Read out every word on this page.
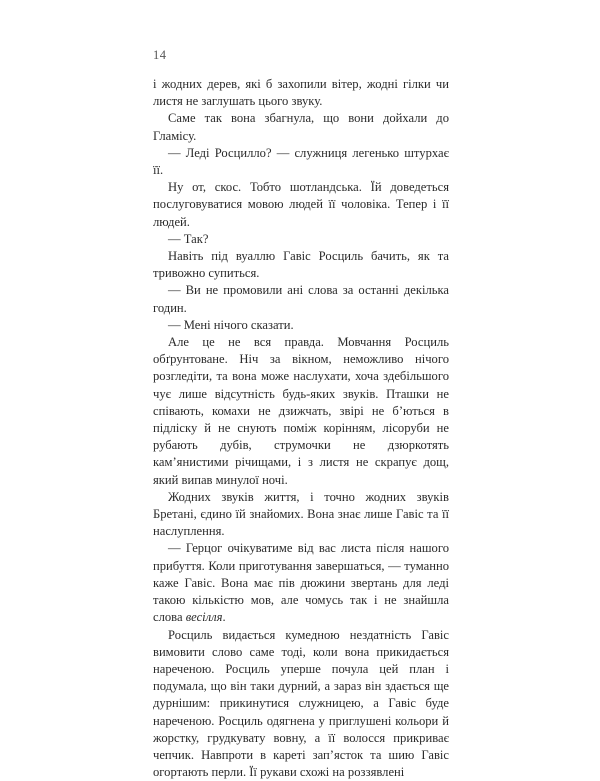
14

і жодних дерев, які б захопили вітер, жодні гілки чи листя не заглушать цього звуку.

Саме так вона збагнула, що вони дойхали до Гламісу.

— Леді Росцилло? — служниця легенько штурхає її.

Ну от, скос. Тобто шотландська. Їй доведеться послуговуватися мовою людей її чоловіка. Тепер і її людей.

— Так?

Навіть під вуаллю Гавіс Росциль бачить, як та тривожно супиться.

— Ви не промовили ані слова за останні декілька годин.

— Мені нічого сказати.

Але це не вся правда. Мовчання Росциль обґрунтоване. Ніч за вікном, неможливо нічого розгледіти, та вона може наслухати, хоча здебільшого чує лише відсутність будь-яких звуків. Пташки не співають, комахи не дзижчать, звірі не б’ються в підліску й не снують поміж корінням, лісоруби не рубають дубів, струмочки не дзюркотять кам’янистими річищами, і з листя не скрапує дощ, який випав минулої ночі.

Жодних звуків життя, і точно жодних звуків Бретані, єдино їй знайомих. Вона знає лише Гавіс та її наслуплення.

— Герцог очікуватиме від вас листа після нашого прибуття. Коли приготування завершаться, — туманно каже Гавіс. Вона має пів дюжини звертань для леді такою кількістю мов, але чомусь так і не знайшла слова весілля.

Росциль видається кумедною нездатність Гавіс вимовити слово саме тоді, коли вона прикидається нареченою. Росциль уперше почула цей план і подумала, що він таки дурний, а зараз він здається ще дурнішим: прикинутися служницею, а Гавіс буде нареченою. Росциль одягнена у приглушені кольори й жорстку, грудкувату вовну, а її волосся прикриває чепчик. Навпроти в кареті зап’ясток та шию Гавіс огортають перли. Її рукави схожі на роззявлені
